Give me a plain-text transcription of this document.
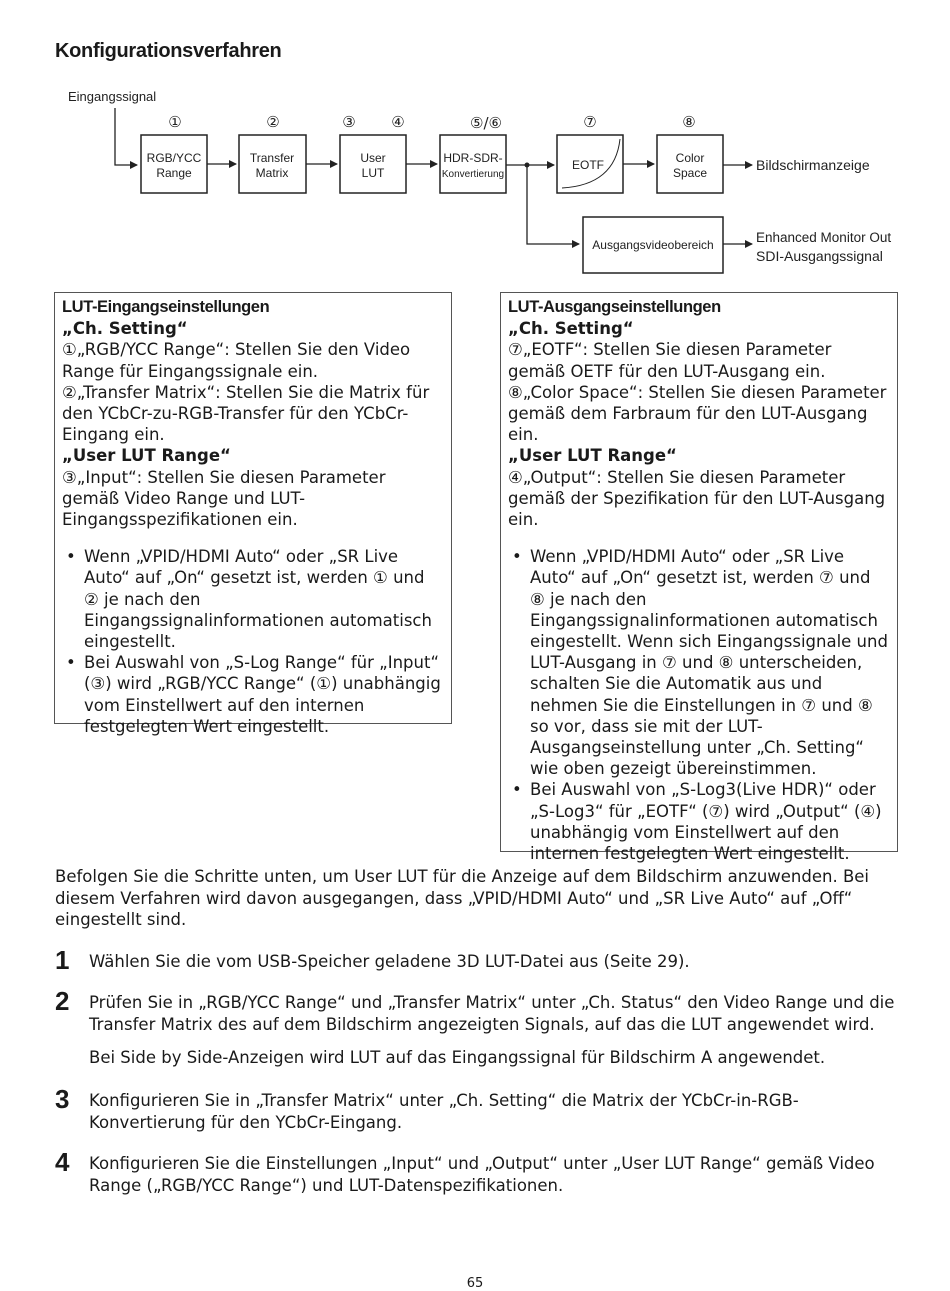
Konfigurationsverfahren
Eingangssignal
①	②	③ ④	⑤/⑥	⑦	⑧
RGB/YCC
Range
Transfer
Matrix
User
LUT
HDR-SDR-
Konvertierung
EOTF	Color
Space	Bildschirmanzeige
Ausgangsvideobereich	Enhanced Monitor Out
SDI-Ausgangssignal
LUT-Eingangseinstellungen

„Ch. Setting“

①„RGB/YCC Range“: Stellen Sie den Video Range für Eingangssignale ein.

②„Transfer Matrix“: Stellen Sie die Matrix für den YCbCr-zu-RGB-Transfer für den YCbCr-Eingang ein.

„User LUT Range“

③„Input“: Stellen Sie diesen Parameter gemäß Video Range und LUT-Eingangsspezifikationen ein.

• Wenn „VPID/HDMI Auto“ oder „SR Live Auto“ auf „On“ gesetzt ist, werden ① und ② je nach den Eingangssignalinformationen automatisch eingestellt.
• Bei Auswahl von „S-Log Range“ für „Input“ (③) wird „RGB/YCC Range“ (①) unabhängig vom Einstellwert auf den internen festgelegten Wert eingestellt.
LUT-Ausgangseinstellungen

„Ch. Setting“

⑦„EOTF“: Stellen Sie diesen Parameter gemäß OETF für den LUT-Ausgang ein.

⑧„Color Space“: Stellen Sie diesen Parameter gemäß dem Farbraum für den LUT-Ausgang ein.

„User LUT Range“

④„Output“: Stellen Sie diesen Parameter gemäß der Spezifikation für den LUT-Ausgang ein.

• Wenn „VPID/HDMI Auto“ oder „SR Live Auto“ auf „On“ gesetzt ist, werden ⑦ und ⑧ je nach den Eingangssignalinformationen automatisch eingestellt. Wenn sich Eingangssignale und LUT-Ausgang in ⑦ und ⑧ unterscheiden, schalten Sie die Automatik aus und nehmen Sie die Einstellungen in ⑦ und ⑧ so vor, dass sie mit der LUT-Ausgangseinstellung unter „Ch. Setting“ wie oben gezeigt übereinstimmen.
• Bei Auswahl von „S-Log3(Live HDR)“ oder „S-Log3“ für „EOTF“ (⑦) wird „Output“ (④) unabhängig vom Einstellwert auf den internen festgelegten Wert eingestellt.
Befolgen Sie die Schritte unten, um User LUT für die Anzeige auf dem Bildschirm anzuwenden. Bei diesem Verfahren wird davon ausgegangen, dass „VPID/HDMI Auto“ und „SR Live Auto“ auf „Off“ eingestellt sind.
1 Wählen Sie die vom USB-Speicher geladene 3D LUT-Datei aus (Seite 29).

2 Prüfen Sie in „RGB/YCC Range“ und „Transfer Matrix“ unter „Ch. Status“ den Video Range und die Transfer Matrix des auf dem Bildschirm angezeigten Signals, auf das die LUT angewendet wird.

Bei Side by Side-Anzeigen wird LUT auf das Eingangssignal für Bildschirm A angewendet.

3 Konfigurieren Sie in „Transfer Matrix“ unter „Ch. Setting“ die Matrix der YCbCr-in-RGB-Konvertierung für den YCbCr-Eingang.

4 Konfigurieren Sie die Einstellungen „Input“ und „Output“ unter „User LUT Range“ gemäß Video Range („RGB/YCC Range“) und LUT-Datenspezifikationen.

65
